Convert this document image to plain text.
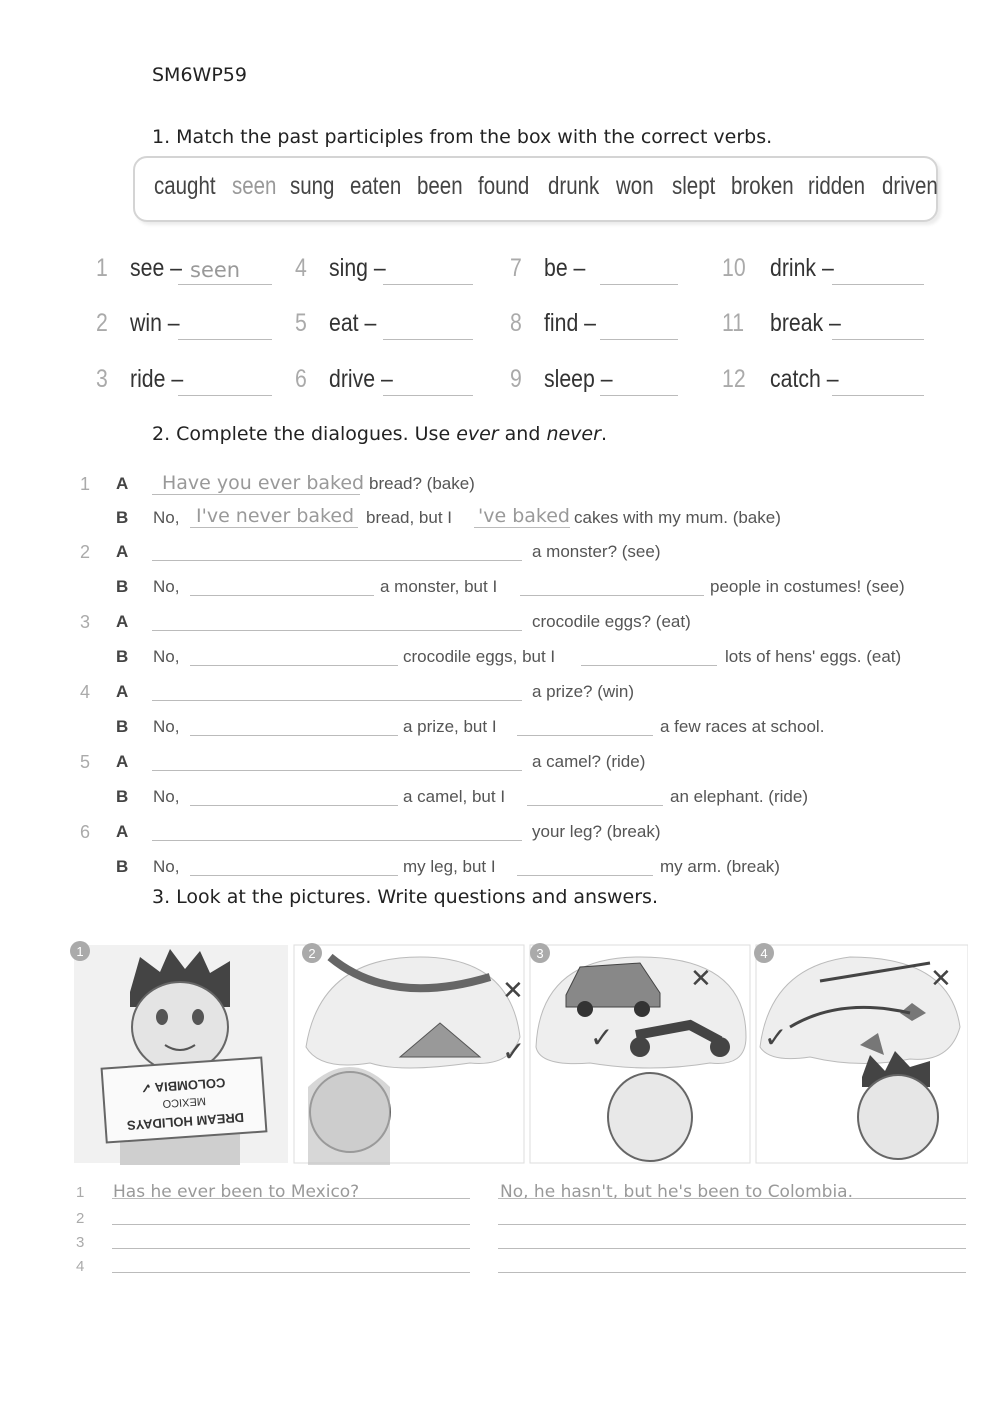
SM6WP59
1. Match the past participles from the box with the correct verbs.
caught seen sung eaten been found drunk won slept broken ridden driven
1 see – seen 4 sing –	7 be –	10 drink –
2 win –	5 eat –	8 find –	11 break –
3 ride –	6 drive –	9 sleep –	12 catch –
2. Complete the dialogues. Use ever and never.
1 A Have you ever baked bread? (bake)
B No, I've never baked bread, but I 've baked cakes with my mum. (bake)
2 A	a monster? (see)
B No,	a monster, but I	people in costumes! (see)
3 A	crocodile eggs? (eat)
B No,	crocodile eggs, but I	lots of hens' eggs. (eat)
4 A	a prize? (win)
B No,	a prize, but I	a few races at school.
5 A	a camel? (ride)
B No,	a camel, but I	an elephant. (ride)
6 A	your leg? (break)
B No,	my leg, but I	my arm. (break)
3. Look at the pictures. Write questions and answers.
1
DREAM HOLIDAYS
MEXICO
COLOMBIA ✓
2
✕
✓
3
✕
✓
4
✕
✓
1 Has he ever been to Mexico?	No, he hasn't, but he's been to Colombia.
2
3
4
